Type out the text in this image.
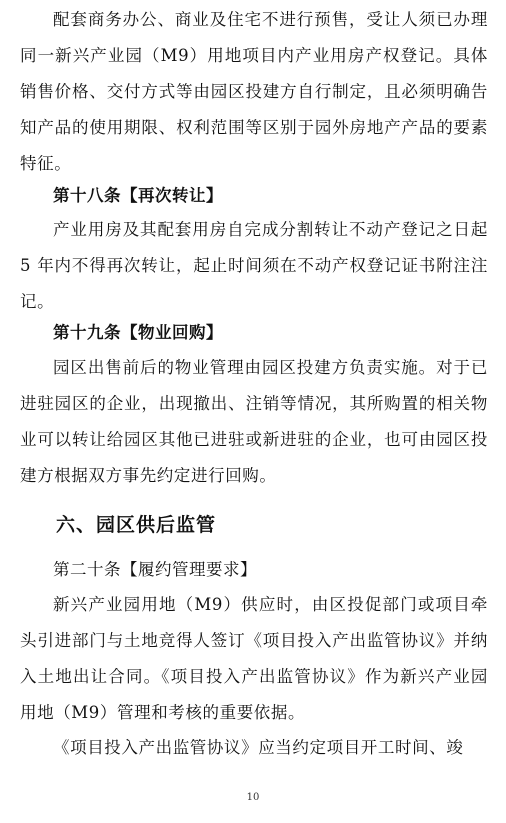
配套商务办公、商业及住宅不进行预售，受让人须已办理同一新兴产业园（M9）用地项目内产业用房产权登记。具体销售价格、交付方式等由园区投建方自行制定，且必须明确告知产品的使用期限、权利范围等区别于园外房地产产品的要素特征。

第十八条【再次转让】

产业用房及其配套用房自完成分割转让不动产登记之日起 5 年内不得再次转让，起止时间须在不动产权登记证书附注注记。

第十九条【物业回购】

园区出售前后的物业管理由园区投建方负责实施。对于已进驻园区的企业，出现撤出、注销等情况，其所购置的相关物业可以转让给园区其他已进驻或新进驻的企业，也可由园区投建方根据双方事先约定进行回购。

六、园区供后监管
第二十条【履约管理要求】

新兴产业园用地（M9）供应时，由区投促部门或项目牵头引进部门与土地竞得人签订《项目投入产出监管协议》并纳入土地出让合同。《项目投入产出监管协议》作为新兴产业园用地（M9）管理和考核的重要依据。

《项目投入产出监管协议》应当约定项目开工时间、竣

10
